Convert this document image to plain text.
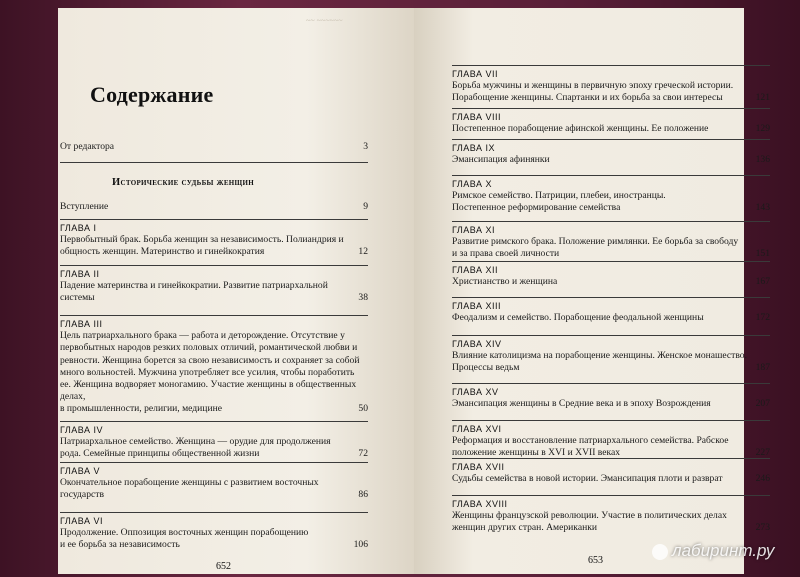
~~ ~~~~~~
ГЛАВА I
Первобытный брак. Борьба женщин за независимость. Полиандрия и
общность женщин. Материнство и гинейкократия	12
ГЛАВА II
Падение материнства и гинейкократии. Развитие патриархальной
системы	38
ГЛАВА III
Цель патриархального брака — работа и деторождение. Отсутствие у
первобытных народов резких половых отличий, романтической любви и
ревности. Женщина борется за свою независимость и сохраняет за собой
много вольностей. Мужчина употребляет все усилия, чтобы поработить
ее. Женщина водворяет моногамию. Участие женщины в общественных
делах,
в промышленности, религии, медицине	50
ГЛАВА IV
Патриархальное семейство. Женщина — орудие для продолжения
рода. Семейные принципы общественной жизни	72
ГЛАВА V
Окончательное порабощение женщины с развитием восточных
государств	86
ГЛАВА VI
Продолжение. Оппозиция восточных женщин порабощению
и ее борьба за независимость	106
ГЛАВА VII
Борьба мужчины и женщины в первичную эпоху греческой истории.
Порабощение женщины. Спартанки и их борьба за свои интересы	121
ГЛАВА VIII
Постепенное порабощение афинской женщины. Ее положение	129
ГЛАВА IX
Эмансипация афинянки	136
ГЛАВА X
Римское семейство. Патриции, плебеи, иностранцы.
Постепенное реформирование семейства	143
ГЛАВА XI
Развитие римского брака. Положение римлянки. Ее борьба за свободу
и за права своей личности	151
ГЛАВА XII
Христианство и женщина	167
ГЛАВА XIII
Феодализм и семейство. Порабощение феодальной женщины	172
ГЛАВА XIV
Влияние католицизма на порабощение женщины. Женское монашество.
Процессы ведьм	187
ГЛАВА XV
Эмансипация женщины в Средние века и в эпоху Возрождения	207
ГЛАВА XVI
Реформация и восстановление патриархального семейства. Рабское
положение женщины в XVI и XVII веках	227
ГЛАВА XVII
Судьбы семейства в новой истории. Эмансипация плоти и разврат	246
ГЛАВА XVIII
Женщины французской революции. Участие в политических делах
женщин других стран. Американки	273
Содержание
От редактора	3
Исторические судьбы женщин
Вступление	9
652
653
лабиринт.ру
